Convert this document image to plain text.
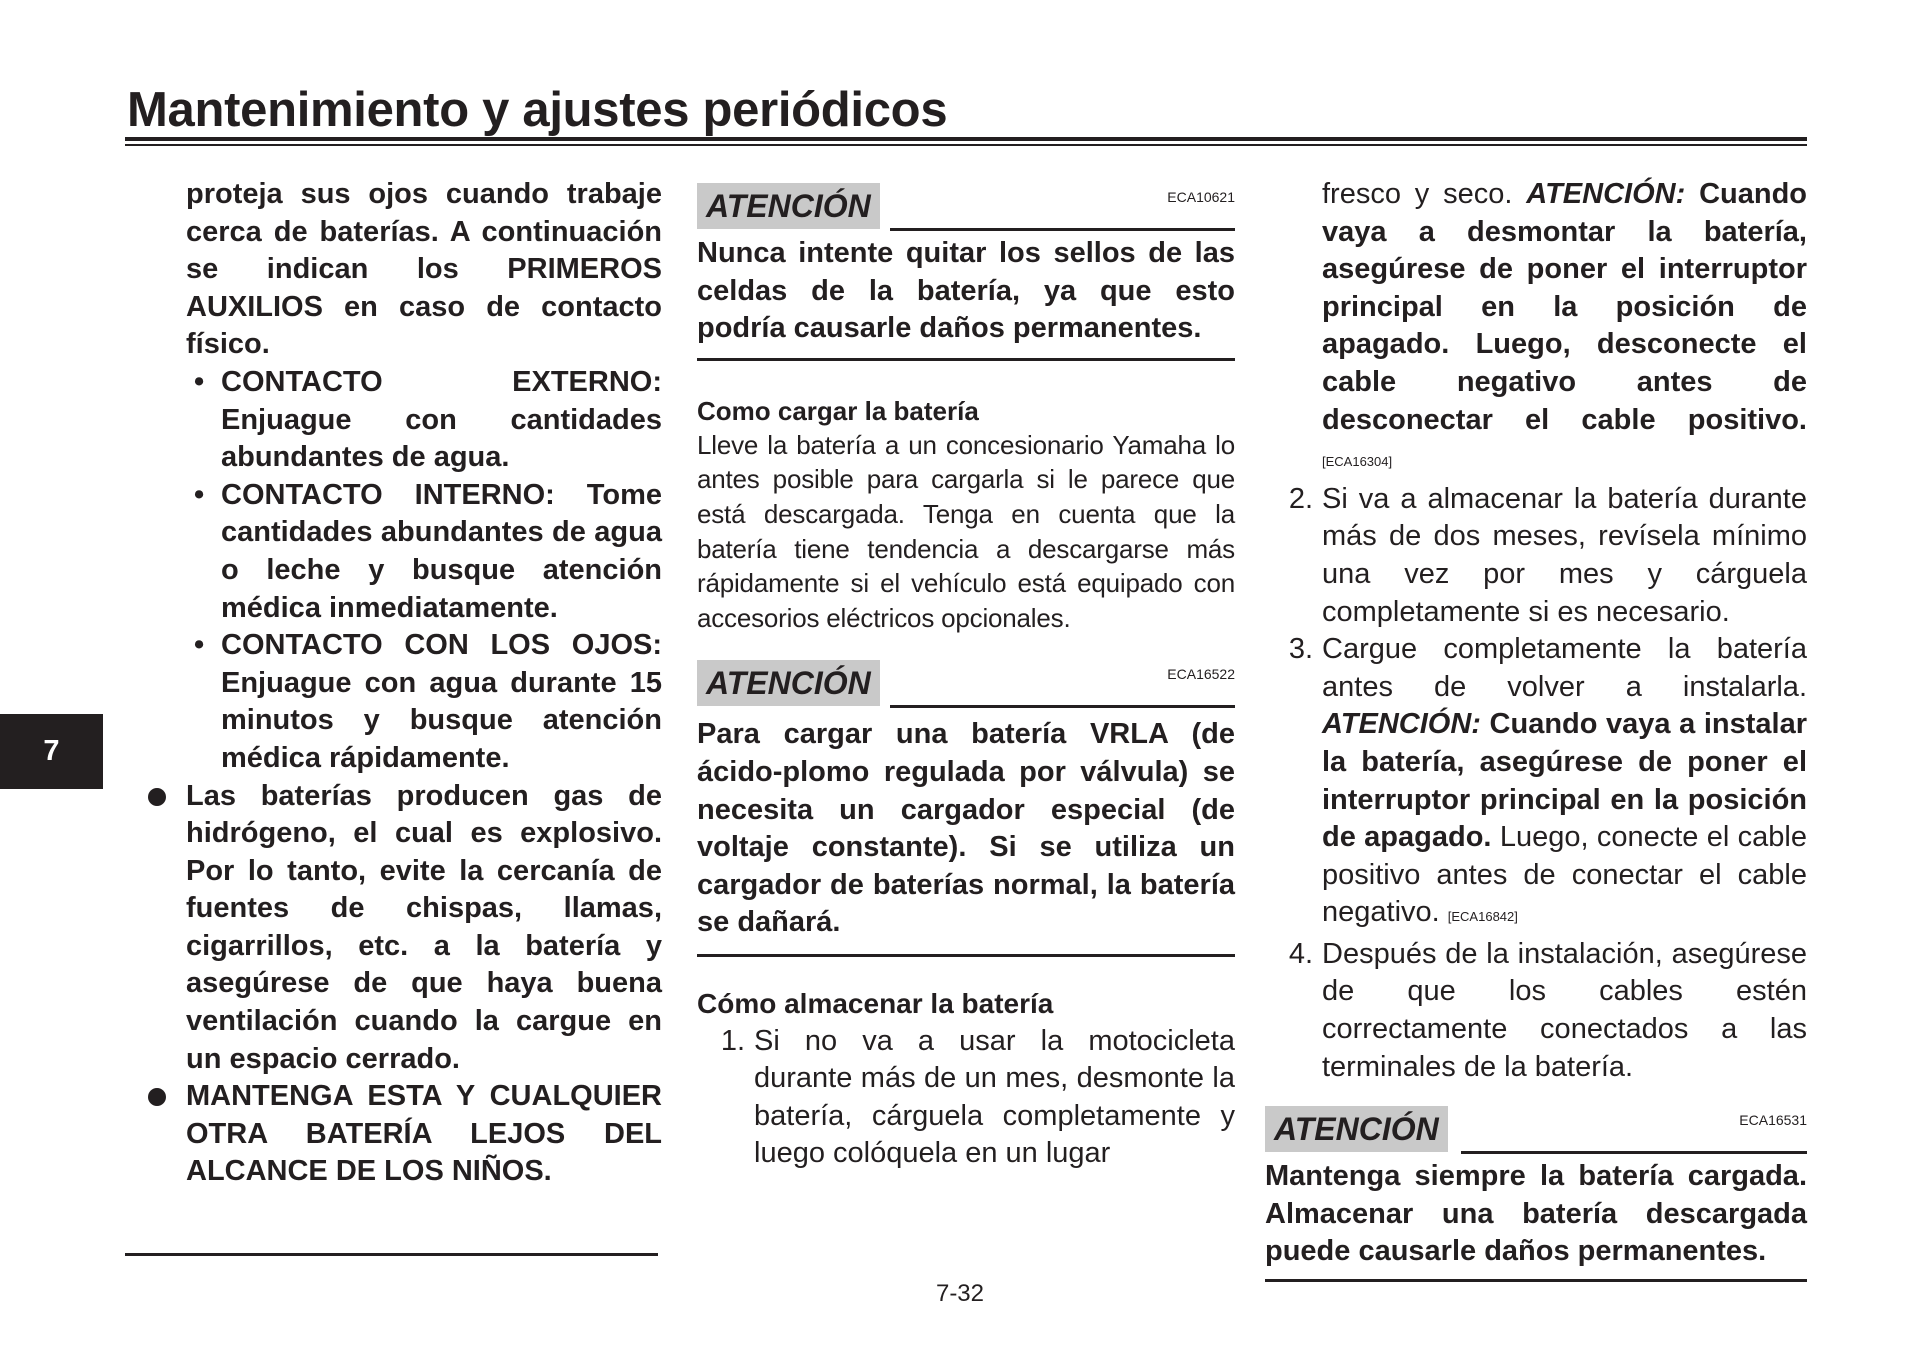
Mantenimiento y ajustes periódicos

proteja sus ojos cuando trabaje cerca de baterías. A continuación se indican los PRIMEROS AUXILIOS en caso de contacto físico.

• CONTACTO EXTERNO: Enjuague con cantidades abundantes de agua.
• CONTACTO INTERNO: Tome cantidades abundantes de agua o leche y busque atención médica inmediatamente.
• CONTACTO CON LOS OJOS: Enjuague con agua durante 15 minutos y busque atención médica rápidamente.
Las baterías producen gas de hidrógeno, el cual es explosivo. Por lo tanto, evite la cercanía de fuentes de chispas, llamas, cigarrillos, etc. a la batería y asegúrese de que haya buena ventilación cuando la cargue en un espacio cerrado.
MANTENGA ESTA Y CUALQUIER OTRA BATERÍA LEJOS DEL ALCANCE DE LOS NIÑOS.
ATENCIÓN	ECA10621

Nunca intente quitar los sellos de las celdas de la batería, ya que esto podría causarle daños permanentes.

Como cargar la batería

Lleve la batería a un concesionario Yamaha lo antes posible para cargarla si le parece que está descargada. Tenga en cuenta que la batería tiene tendencia a descargarse más rápidamente si el vehículo está equipado con accesorios eléctricos opcionales.

ATENCIÓN	ECA16522

Para cargar una batería VRLA (de ácido-plomo regulada por válvula) se necesita un cargador especial (de voltaje constante). Si se utiliza un cargador de baterías normal, la batería se dañará.

Cómo almacenar la batería

1. Si no va a usar la motocicleta durante más de un mes, desmonte la batería, cárguela completamente y luego colóquela en un lugar
fresco y seco. ATENCIÓN: Cuando vaya a desmontar la batería, asegúrese de poner el interruptor principal en la posición de apagado. Luego, desconecte el cable negativo antes de desconectar el cable positivo. [ECA16304]
2. Si va a almacenar la batería durante más de dos meses, revísela mínimo una vez por mes y cárguela completamente si es necesario.
3. Cargue completamente la batería antes de volver a instalarla. ATENCIÓN: Cuando vaya a instalar la batería, asegúrese de poner el interruptor principal en la posición de apagado. Luego, conecte el cable positivo antes de conectar el cable negativo. [ECA16842]
4. Después de la instalación, asegúrese de que los cables estén correctamente conectados a las terminales de la batería.
ATENCIÓN	ECA16531

Mantenga siempre la batería cargada. Almacenar una batería descargada puede causarle daños permanentes.

7
7-32
